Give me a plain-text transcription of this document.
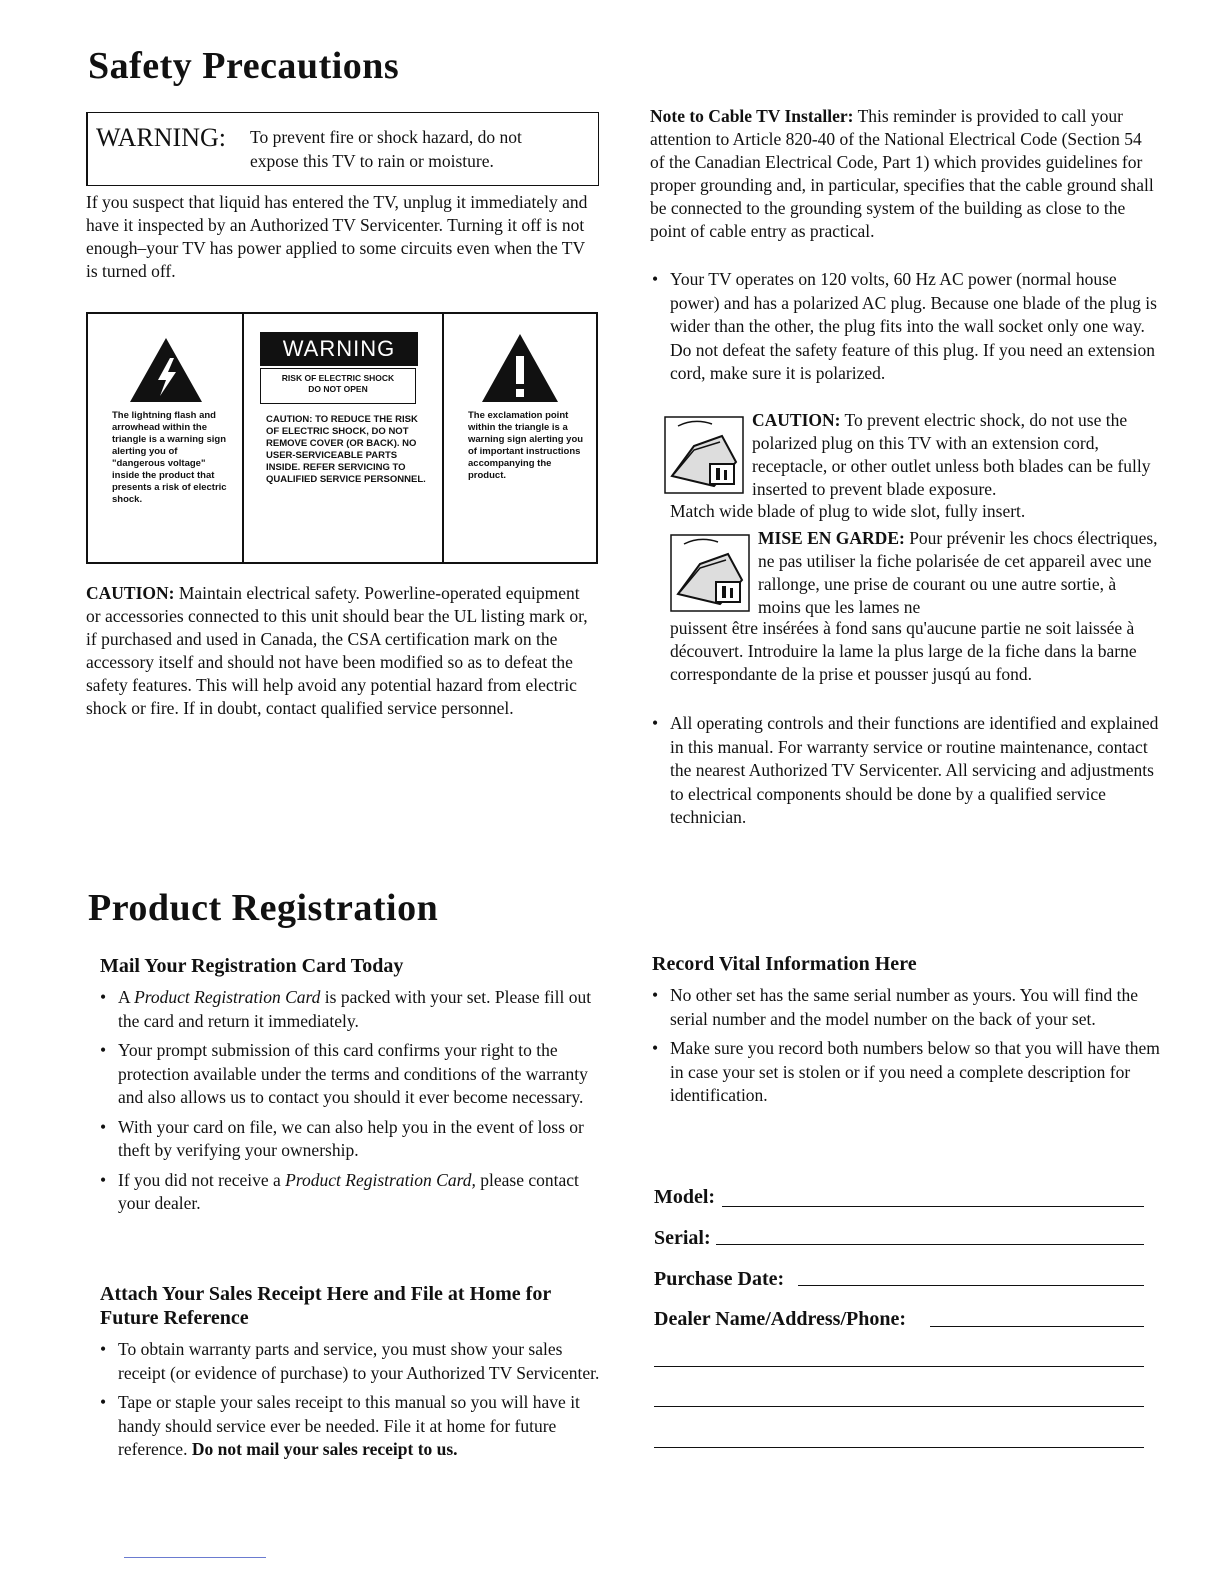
Safety Precautions
WARNING: To prevent fire or shock hazard, do not
expose this TV to rain or moisture.

If you suspect that liquid has entered the TV, unplug it immediately and have it inspected by an Authorized TV Servicenter. Turning it off is not enough–your TV has power applied to some circuits even when the TV is turned off.

The lightning flash and arrowhead within the triangle is a warning sign alerting you of "dangerous voltage" inside the product that presents a risk of electric shock.
WARNING
RISK OF ELECTRIC SHOCK
DO NOT OPEN
CAUTION: TO REDUCE THE RISK OF ELECTRIC SHOCK, DO NOT REMOVE COVER (OR BACK). NO USER-SERVICEABLE PARTS INSIDE. REFER SERVICING TO QUALIFIED SERVICE PERSONNEL.
The exclamation point within the triangle is a warning sign alerting you of important instructions accompanying the product.

CAUTION: Maintain electrical safety. Powerline-operated equipment or accessories connected to this unit should bear the UL listing mark or, if purchased and used in Canada, the CSA certification mark on the accessory itself and should not have been modified so as to defeat the safety features. This will help avoid any potential hazard from electric shock or fire. If in doubt, contact qualified service personnel.

Note to Cable TV Installer: This reminder is provided to call your attention to Article 820-40 of the National Electrical Code (Section 54 of the Canadian Electrical Code, Part 1) which provides guidelines for proper grounding and, in particular, specifies that the cable ground shall be connected to the grounding system of the building as close to the point of cable entry as practical.

• Your TV operates on 120 volts, 60 Hz AC power (normal house power) and has a polarized AC plug. Because one blade of the plug is wider than the other, the plug fits into the wall socket only one way. Do not defeat the safety feature of this plug. If you need an extension cord, make sure it is polarized.

CAUTION: To prevent electric shock, do not use the polarized plug on this TV with an extension cord, receptacle, or other outlet unless both blades can be fully inserted to prevent blade exposure.

Match wide blade of plug to wide slot, fully insert.

MISE EN GARDE: Pour prévenir les chocs électriques, ne pas utiliser la fiche polarisée de cet appareil avec une rallonge, une prise de courant ou une autre sortie, à moins que les lames ne

puissent être insérées à fond sans qu'aucune partie ne soit laissée à découvert. Introduire la lame la plus large de la fiche dans la barne correspondante de la prise et pousser jusqú au fond.

• All operating controls and their functions are identified and explained in this manual. For warranty service or routine maintenance, contact the nearest Authorized TV Servicenter. All servicing and adjustments to electrical components should be done by a qualified service technician.
Product Registration
Mail Your Registration Card Today
• A Product Registration Card is packed with your set. Please fill out the card and return it immediately.
• Your prompt submission of this card confirms your right to the protection available under the terms and conditions of the warranty and also allows us to contact you should it ever become necessary.
• With your card on file, we can also help you in the event of loss or theft by verifying your ownership.
• If you did not receive a Product Registration Card, please contact your dealer.
Attach Your Sales Receipt Here and File at Home for Future Reference
• To obtain warranty parts and service, you must show your sales receipt (or evidence of purchase) to your Authorized TV Servicenter.
• Tape or staple your sales receipt to this manual so you will have it handy should service ever be needed. File it at home for future reference. Do not mail your sales receipt to us.
Record Vital Information Here
• No other set has the same serial number as yours. You will find the serial number and the model number on the back of your set.
• Make sure you record both numbers below so that you will have them in case your set is stolen or if you need a complete description for identification.
Model:
Serial:
Purchase Date:
Dealer Name/Address/Phone:
